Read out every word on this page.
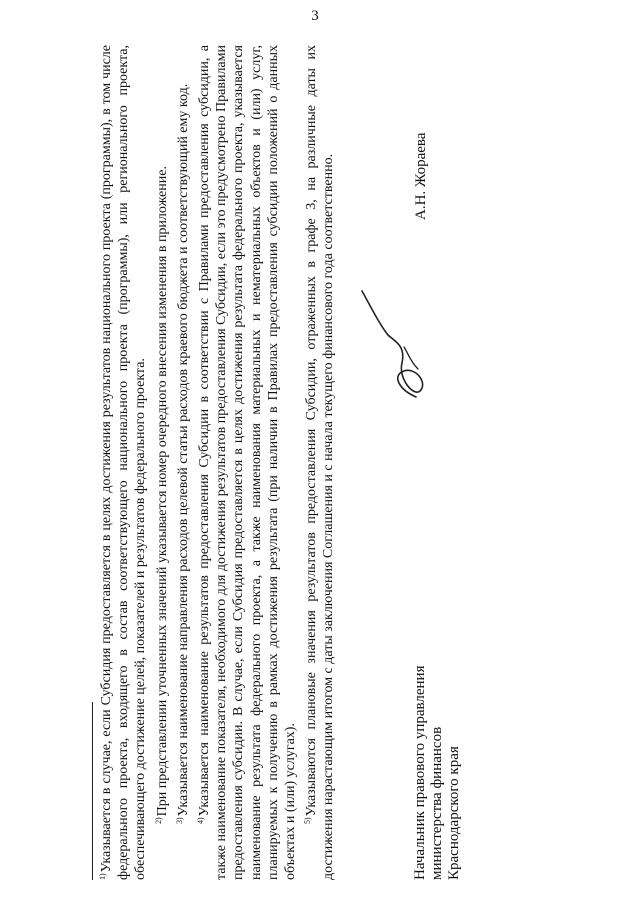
3

$^{1)}$Указывается в случае, если Субсидия предоставляется в целях достижения результатов национального проекта (программы), в том числе федерального проекта, входящего в состав соответствующего национального проекта (программы), или регионального проекта, обеспечивающего достижение целей, показателей и результатов федерального проекта. $^{2)}$При представлении уточненных значений указывается номер очередного внесения изменения в приложение.

$^{3)}$Указывается наименование направления расходов целевой статьи расходов краевого бюджета и соответствующий ему код.

$^{4)}$Указывается наименование результатов предоставления Субсидии в соответствии с Правилами предоставления субсидии, а также наименование показателя, необходимого для достижения результатов предоставления Субсидии, если это предусмотрено Правилами предоставления субсидии. В случае, если Субсидия предоставляется в целях достижения результата федерального проекта, указывается наименование результата федерального проекта, а также наименования материальных и нематериальных объектов и (или) услуг, планируемых к получению в рамках достижения результата (при наличии в Правилах предоставления субсидии положений о данных объектах и (или) услугах). $^{5)}$Указываются плановые значения результатов предоставления Субсидии, отраженных в графе 3, на различные даты их достижения нарастающим итогом с даты заключения Соглашения и с начала текущего финансового года соответственно.	Начальник правового управления министерства финансов Краснодарского края
А.Н. Жораева
